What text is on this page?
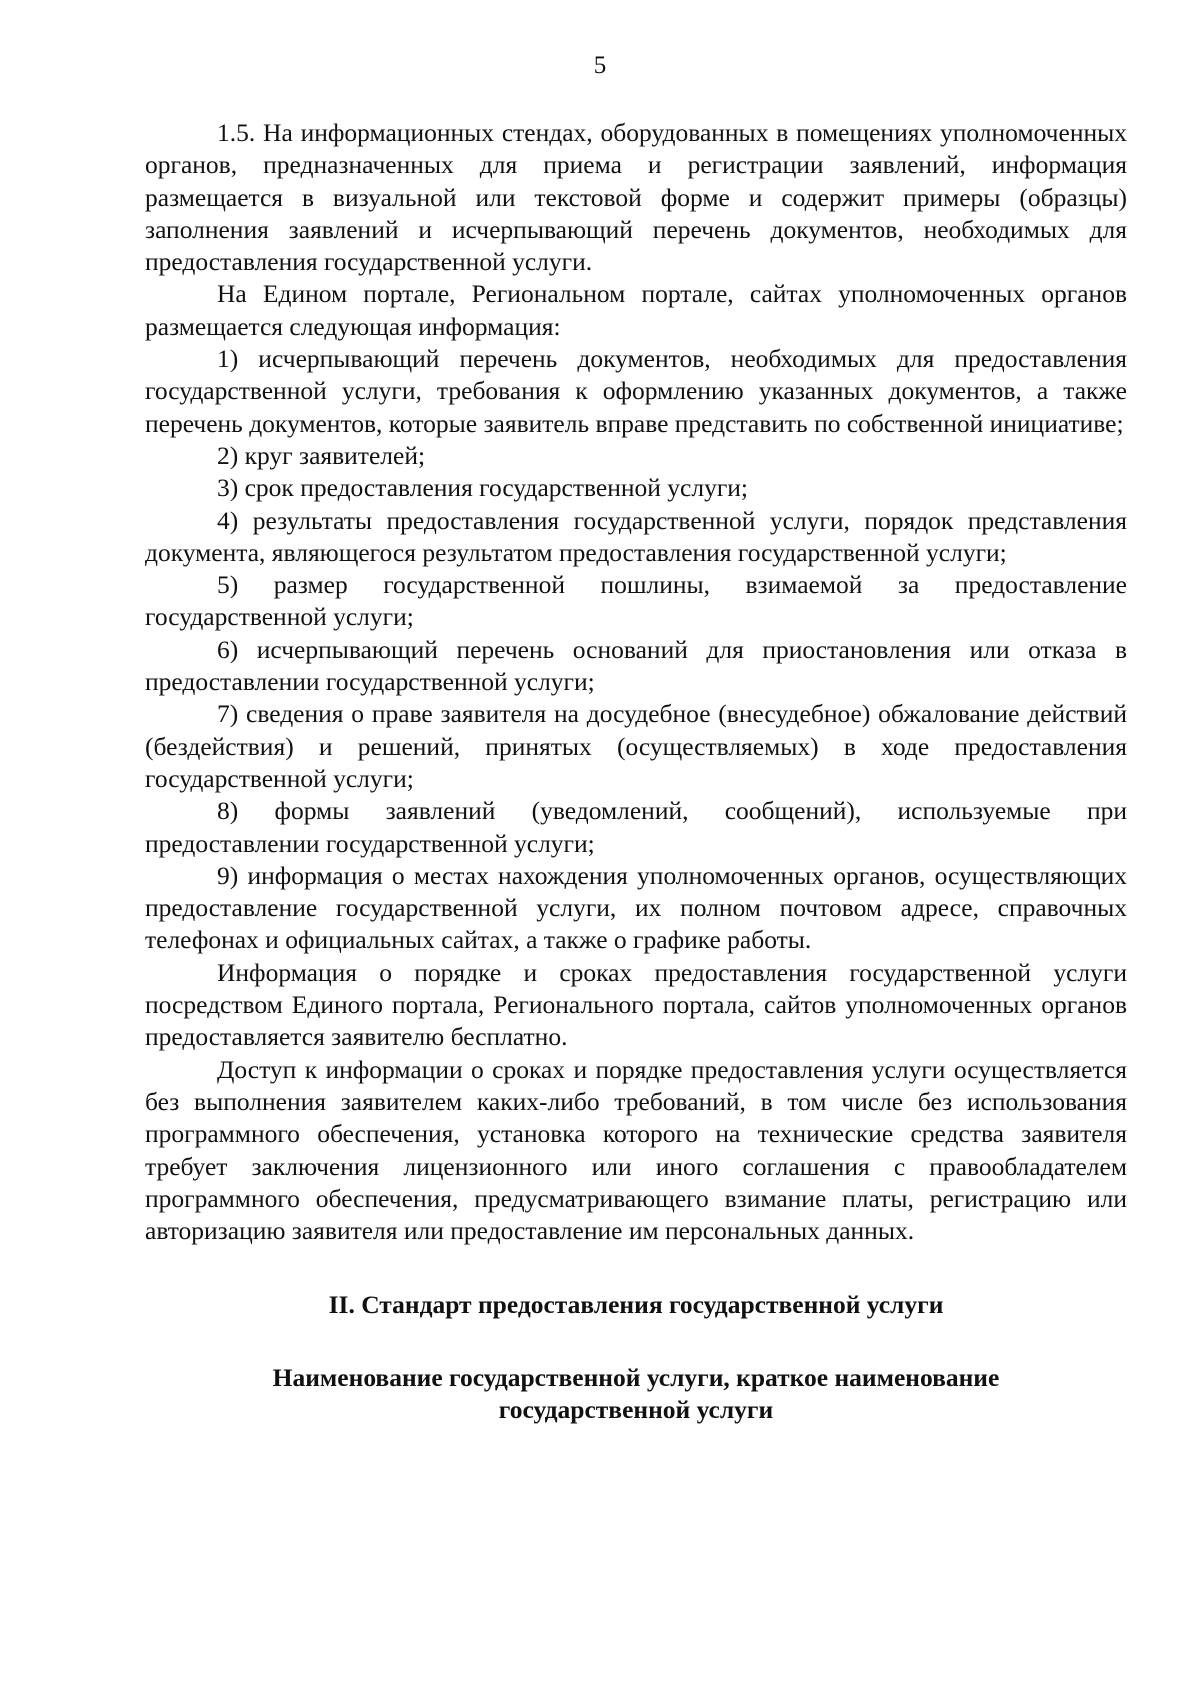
5

1.5. На информационных стендах, оборудованных в помещениях уполномоченных органов, предназначенных для приема и регистрации заявлений, информация размещается в визуальной или текстовой форме и содержит примеры (образцы) заполнения заявлений и исчерпывающий перечень документов, необходимых для предоставления государственной услуги.

На Едином портале, Региональном портале, сайтах уполномоченных органов размещается следующая информация:

1) исчерпывающий перечень документов, необходимых для предоставления государственной услуги, требования к оформлению указанных документов, а также перечень документов, которые заявитель вправе представить по собственной инициативе;

2) круг заявителей;

3) срок предоставления государственной услуги;

4) результаты предоставления государственной услуги, порядок представления документа, являющегося результатом предоставления государственной услуги;

5) размер государственной пошлины, взимаемой за предоставление государственной услуги;

6) исчерпывающий перечень оснований для приостановления или отказа в предоставлении государственной услуги;

7) сведения о праве заявителя на досудебное (внесудебное) обжалование действий (бездействия) и решений, принятых (осуществляемых) в ходе предоставления государственной услуги;

8) формы заявлений (уведомлений, сообщений), используемые при предоставлении государственной услуги;

9) информация о местах нахождения уполномоченных органов, осуществляющих предоставление государственной услуги, их полном почтовом адресе, справочных телефонах и официальных сайтах, а также о графике работы.

Информация о порядке и сроках предоставления государственной услуги посредством Единого портала, Регионального портала, сайтов уполномоченных органов предоставляется заявителю бесплатно.

Доступ к информации о сроках и порядке предоставления услуги осуществляется без выполнения заявителем каких-либо требований, в том числе без использования программного обеспечения, установка которого на технические средства заявителя требует заключения лицензионного или иного соглашения с правообладателем программного обеспечения, предусматривающего взимание платы, регистрацию или авторизацию заявителя или предоставление им персональных данных.

II. Стандарт предоставления государственной услуги
Наименование государственной услуги, краткое наименование
государственной услуги
